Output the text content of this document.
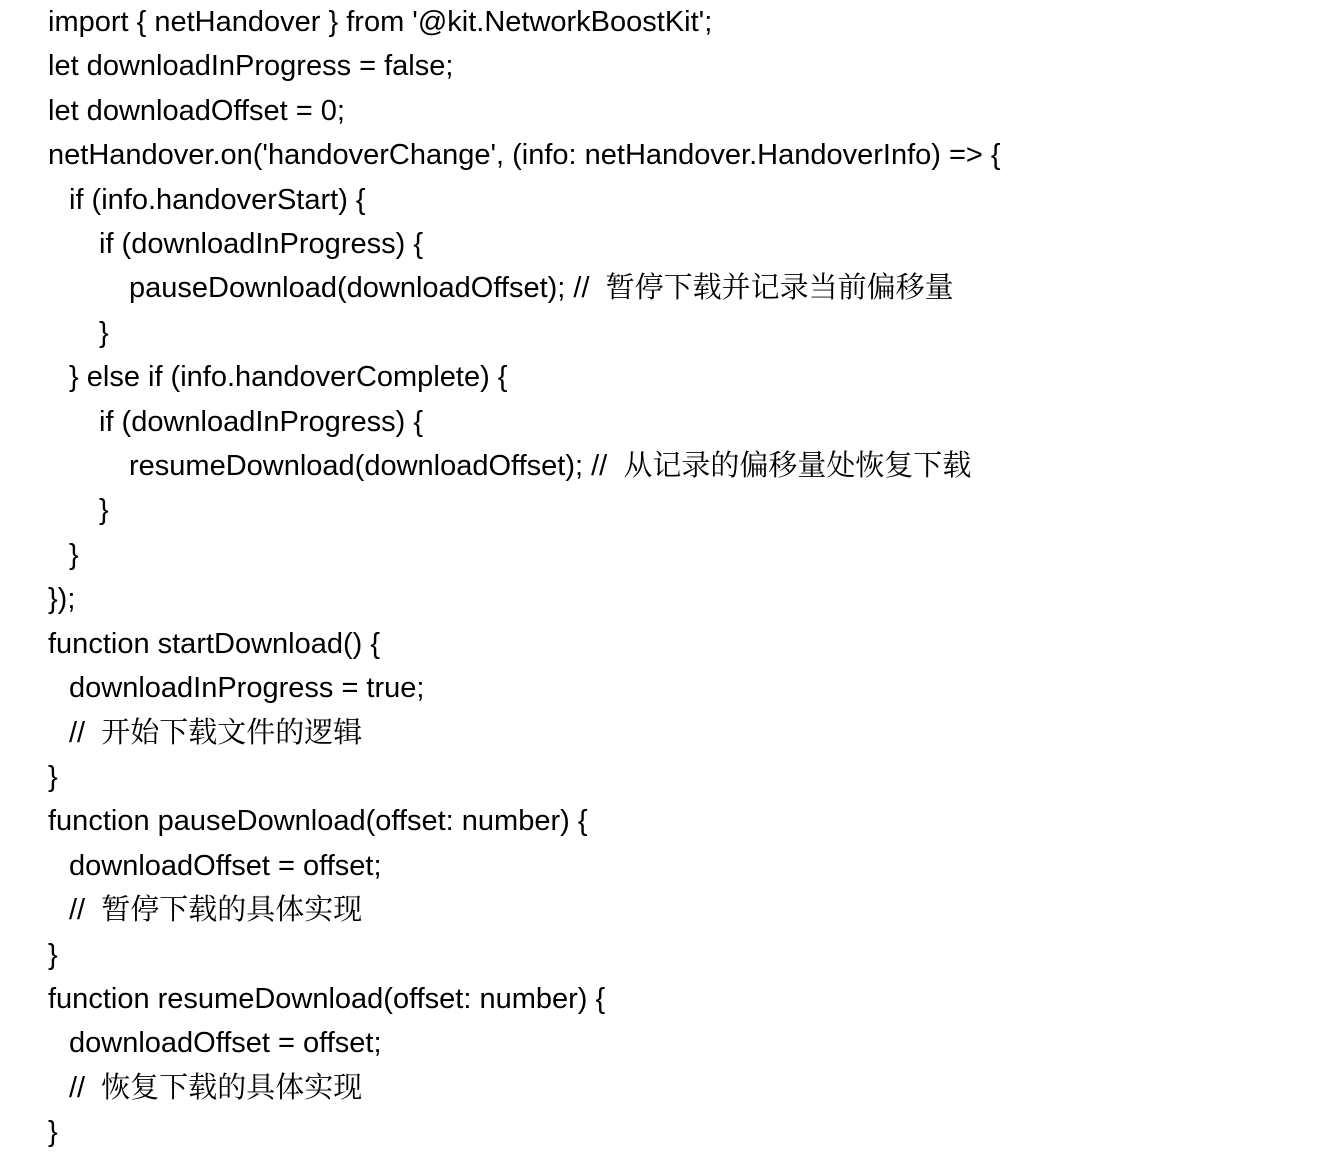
import { netHandover } from '@kit.NetworkBoostKit';
let downloadInProgress = false;
let downloadOffset = 0;
netHandover.on('handoverChange', (info: netHandover.HandoverInfo) => {
if (info.handoverStart) {
if (downloadInProgress) {
pauseDownload(downloadOffset); //  暂停下载并记录当前偏移量
}
} else if (info.handoverComplete) {
if (downloadInProgress) {
resumeDownload(downloadOffset); //  从记录的偏移量处恢复下载
}
}
});
function startDownload() {
downloadInProgress = true;
//  开始下载文件的逻辑
}
function pauseDownload(offset: number) {
downloadOffset = offset;
//  暂停下载的具体实现
}
function resumeDownload(offset: number) {
downloadOffset = offset;
//  恢复下载的具体实现
}
